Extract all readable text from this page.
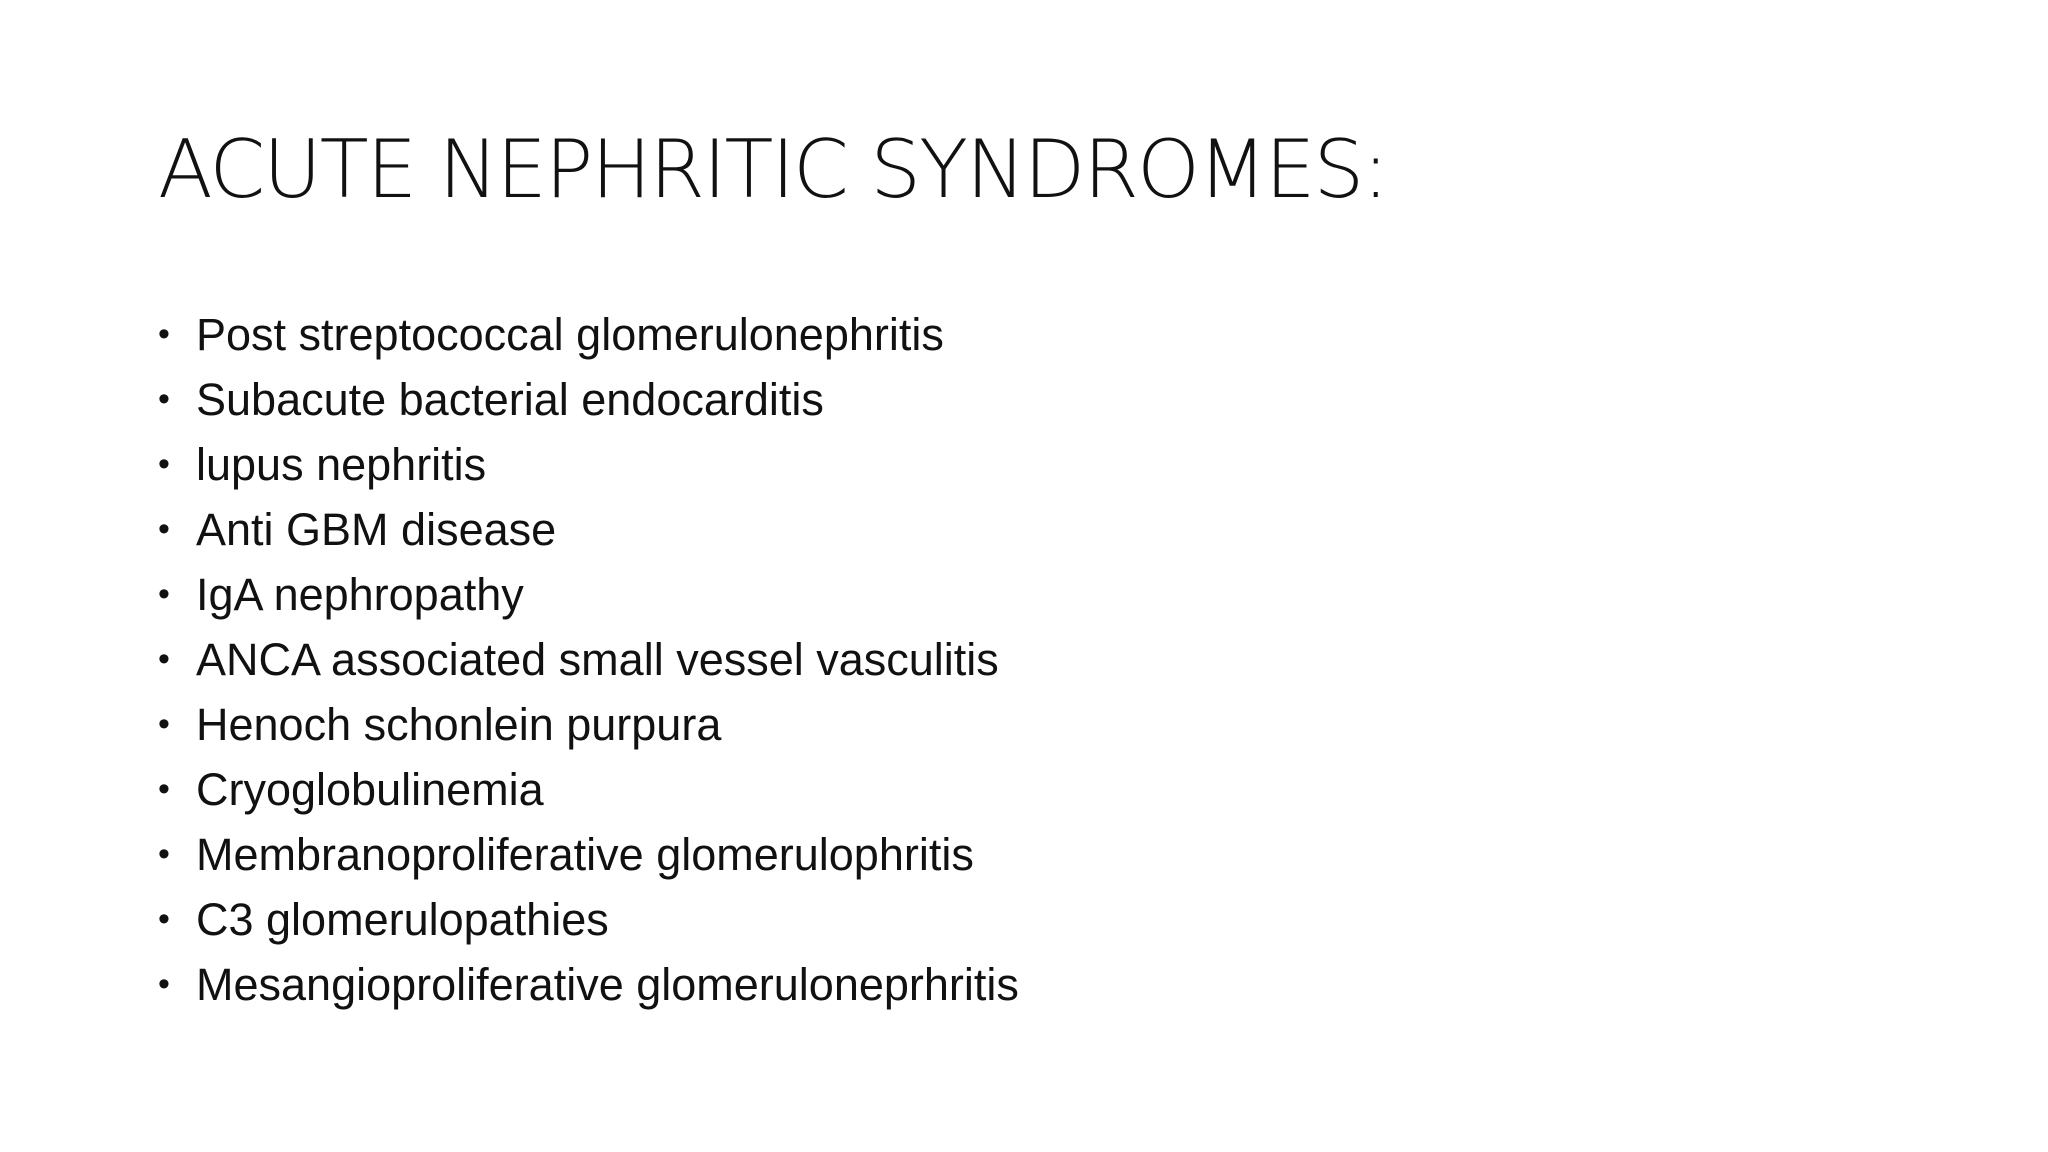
ACUTE NEPHRITIC SYNDROMES:
• Post streptococcal glomerulonephritis
• Subacute bacterial endocarditis
• lupus nephritis
• Anti GBM disease
• IgA nephropathy
• ANCA associated small vessel vasculitis
• Henoch schonlein purpura
• Cryoglobulinemia
• Membranoproliferative glomerulophritis
• C3 glomerulopathies
• Mesangioproliferative glomeruloneprhritis
